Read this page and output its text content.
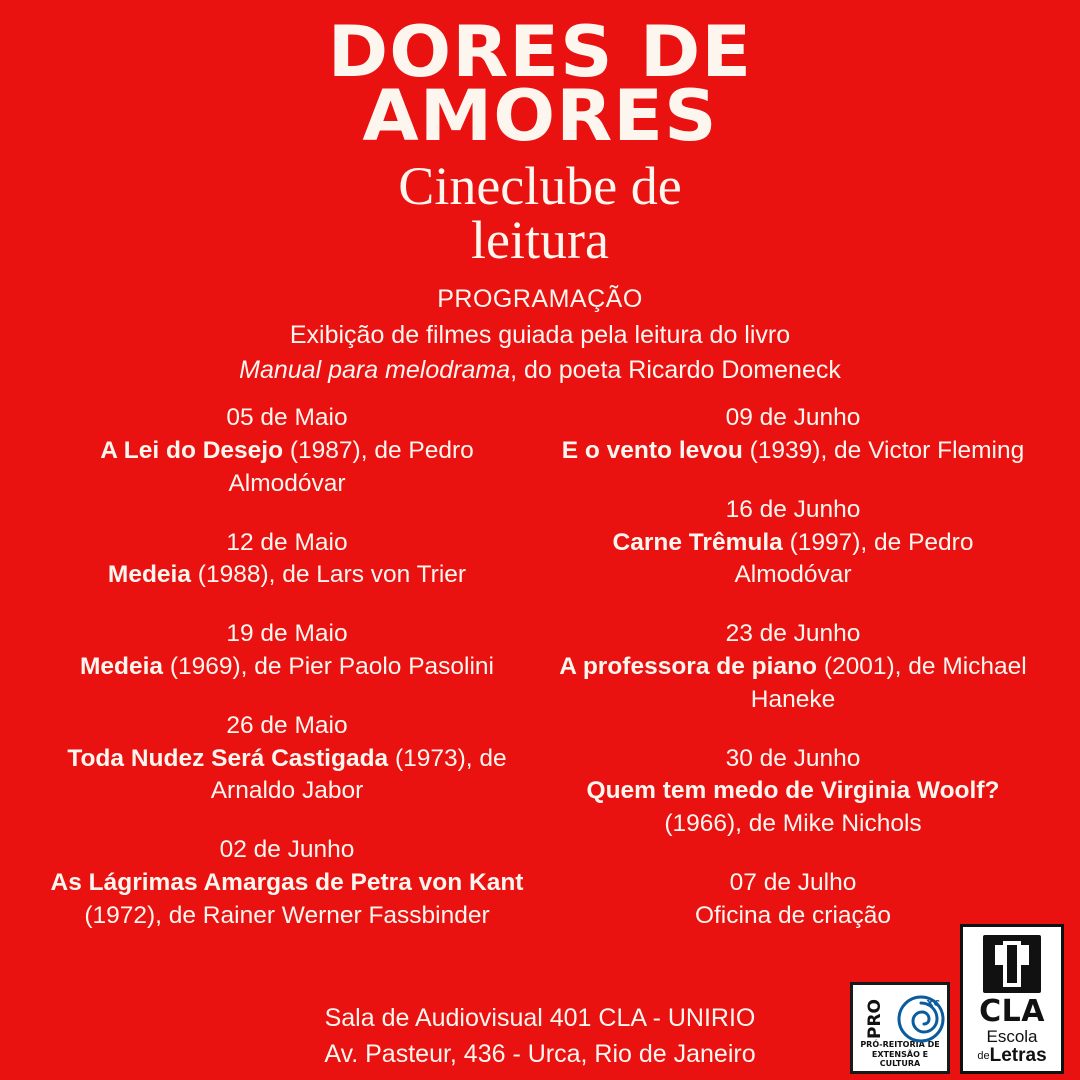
DORES DE
AMORES
Cineclube de
leitura
PROGRAMAÇÃO
Exibição de filmes guiada pela leitura do livro
Manual para melodrama, do poeta Ricardo Domeneck
05 de Maio
A Lei do Desejo (1987), de Pedro Almodóvar
12 de Maio
Medeia (1988), de Lars von Trier
19 de Maio
Medeia (1969), de Pier Paolo Pasolini
26 de Maio
Toda Nudez Será Castigada (1973), de Arnaldo Jabor
02 de Junho
As Lágrimas Amargas de Petra von Kant (1972), de Rainer Werner Fassbinder
09 de Junho
E o vento levou (1939), de Victor Fleming
16 de Junho
Carne Trêmula (1997), de Pedro Almodóvar
23 de Junho
A professora de piano (2001), de Michael Haneke
30 de Junho
Quem tem medo de Virginia Woolf? (1966), de Mike Nichols
07 de Julho
Oficina de criação
Sala de Audiovisual 401 CLA - UNIRIO
Av. Pasteur, 436 - Urca, Rio de Janeiro
PRO	xc
PRÓ-REITORIA DE
EXTENSÃO E CULTURA
CLA
Escola
deLetras
